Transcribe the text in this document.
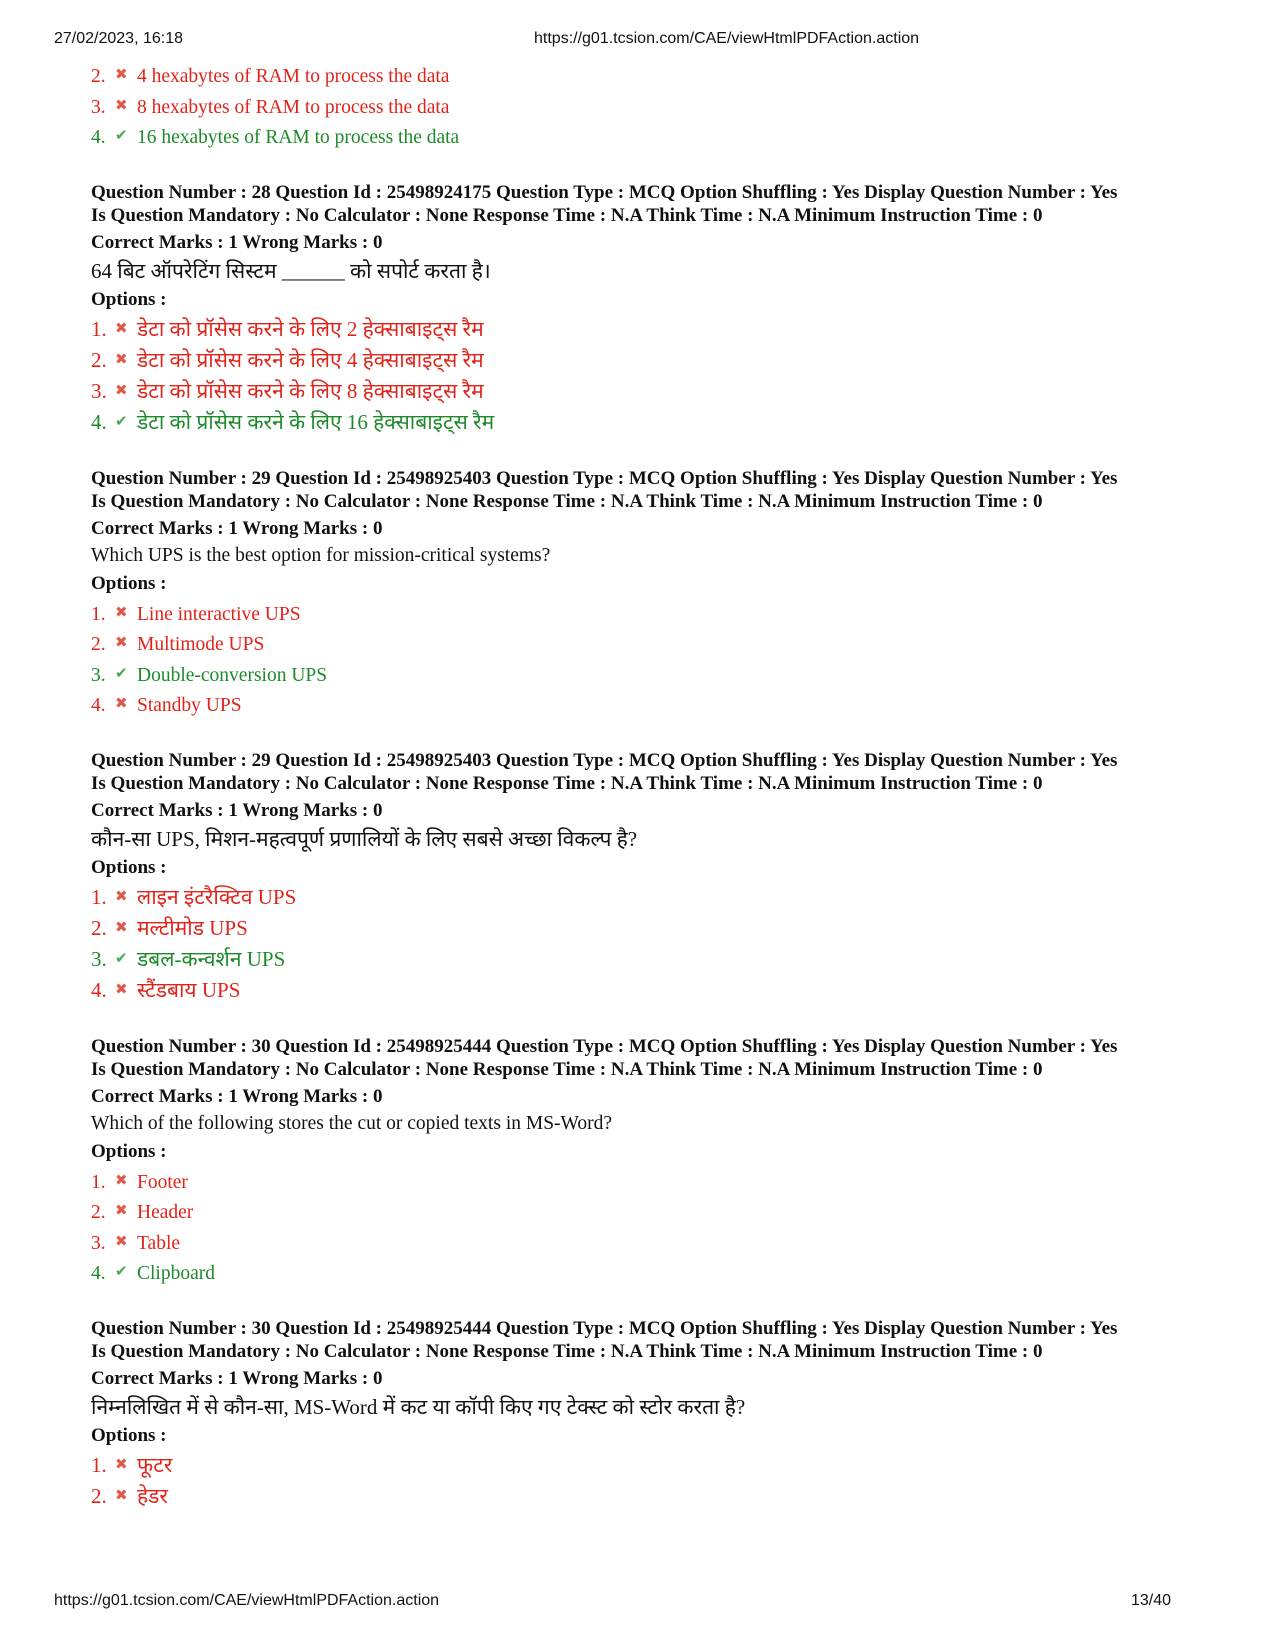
27/02/2023, 16:18	https://g01.tcsion.com/CAE/viewHtmlPDFAction.action
2. ✖ 4 hexabytes of RAM to process the data
3. ✖ 8 hexabytes of RAM to process the data
4. ✔ 16 hexabytes of RAM to process the data
Question Number : 28 Question Id : 25498924175 Question Type : MCQ Option Shuffling : Yes Display Question Number : Yes
Is Question Mandatory : No Calculator : None Response Time : N.A Think Time : N.A Minimum Instruction Time : 0
Correct Marks : 1 Wrong Marks : 0
64 बिट ऑपरेटिंग सिस्टम ______ को सपोर्ट करता है।
Options :
1. ✖ डेटा को प्रॉसेस करने के लिए 2 हेक्साबाइट्स रैम
2. ✖ डेटा को प्रॉसेस करने के लिए 4 हेक्साबाइट्स रैम
3. ✖ डेटा को प्रॉसेस करने के लिए 8 हेक्साबाइट्स रैम
4. ✔ डेटा को प्रॉसेस करने के लिए 16 हेक्साबाइट्स रैम
Question Number : 29 Question Id : 25498925403 Question Type : MCQ Option Shuffling : Yes Display Question Number : Yes
Is Question Mandatory : No Calculator : None Response Time : N.A Think Time : N.A Minimum Instruction Time : 0
Correct Marks : 1 Wrong Marks : 0
Which UPS is the best option for mission-critical systems?
Options :
1. ✖ Line interactive UPS
2. ✖ Multimode UPS
3. ✔ Double-conversion UPS
4. ✖ Standby UPS
Question Number : 29 Question Id : 25498925403 Question Type : MCQ Option Shuffling : Yes Display Question Number : Yes
Is Question Mandatory : No Calculator : None Response Time : N.A Think Time : N.A Minimum Instruction Time : 0
Correct Marks : 1 Wrong Marks : 0
कौन-सा UPS, मिशन-महत्वपूर्ण प्रणालियों के लिए सबसे अच्छा विकल्प है?
Options :
1. ✖ लाइन इंटरैक्टिव UPS
2. ✖ मल्टीमोड UPS
3. ✔ डबल-कन्वर्शन UPS
4. ✖ स्टैंडबाय UPS
Question Number : 30 Question Id : 25498925444 Question Type : MCQ Option Shuffling : Yes Display Question Number : Yes
Is Question Mandatory : No Calculator : None Response Time : N.A Think Time : N.A Minimum Instruction Time : 0
Correct Marks : 1 Wrong Marks : 0
Which of the following stores the cut or copied texts in MS-Word?
Options :
1. ✖ Footer
2. ✖ Header
3. ✖ Table
4. ✔ Clipboard
Question Number : 30 Question Id : 25498925444 Question Type : MCQ Option Shuffling : Yes Display Question Number : Yes
Is Question Mandatory : No Calculator : None Response Time : N.A Think Time : N.A Minimum Instruction Time : 0
Correct Marks : 1 Wrong Marks : 0
निम्नलिखित में से कौन-सा, MS-Word में कट या कॉपी किए गए टेक्स्ट को स्टोर करता है?
Options :
1. ✖ फूटर
2. ✖ हेडर
https://g01.tcsion.com/CAE/viewHtmlPDFAction.action	13/40
